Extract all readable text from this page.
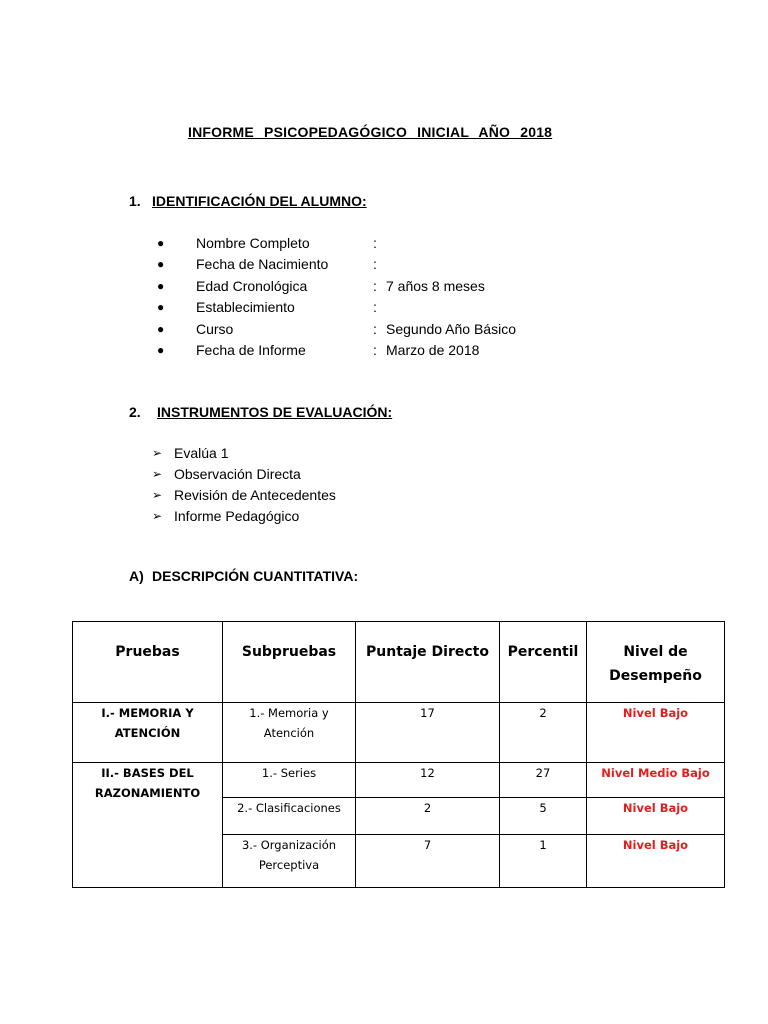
INFORME PSICOPEDAGÓGICO INICIAL AÑO 2018
1. IDENTIFICACIÓN DEL ALUMNO:
● Nombre Completo	:
● Fecha de Nacimiento	:
● Edad Cronológica	: 7 años 8 meses
● Establecimiento	:
● Curso	: Segundo Año Básico
● Fecha de Informe	: Marzo de 2018
2. INSTRUMENTOS DE EVALUACIÓN:
➢ Evalúa 1
➢ Observación Directa
➢ Revisión de Antecedentes
➢ Informe Pedagógico
A) DESCRIPCIÓN CUANTITATIVA:
Pruebas	Subpruebas	Puntaje Directo	Percentil	Nivel de Desempeño
I.- MEMORIA Y ATENCIÓN	1.- Memoria y Atención	17	2	Nivel Bajo
II.- BASES DEL RAZONAMIENTO	1.- Series	12	27	Nivel Medio Bajo
	2.- Clasificaciones	2	5	Nivel Bajo
	3.- Organización Perceptiva	7	1	Nivel Bajo
